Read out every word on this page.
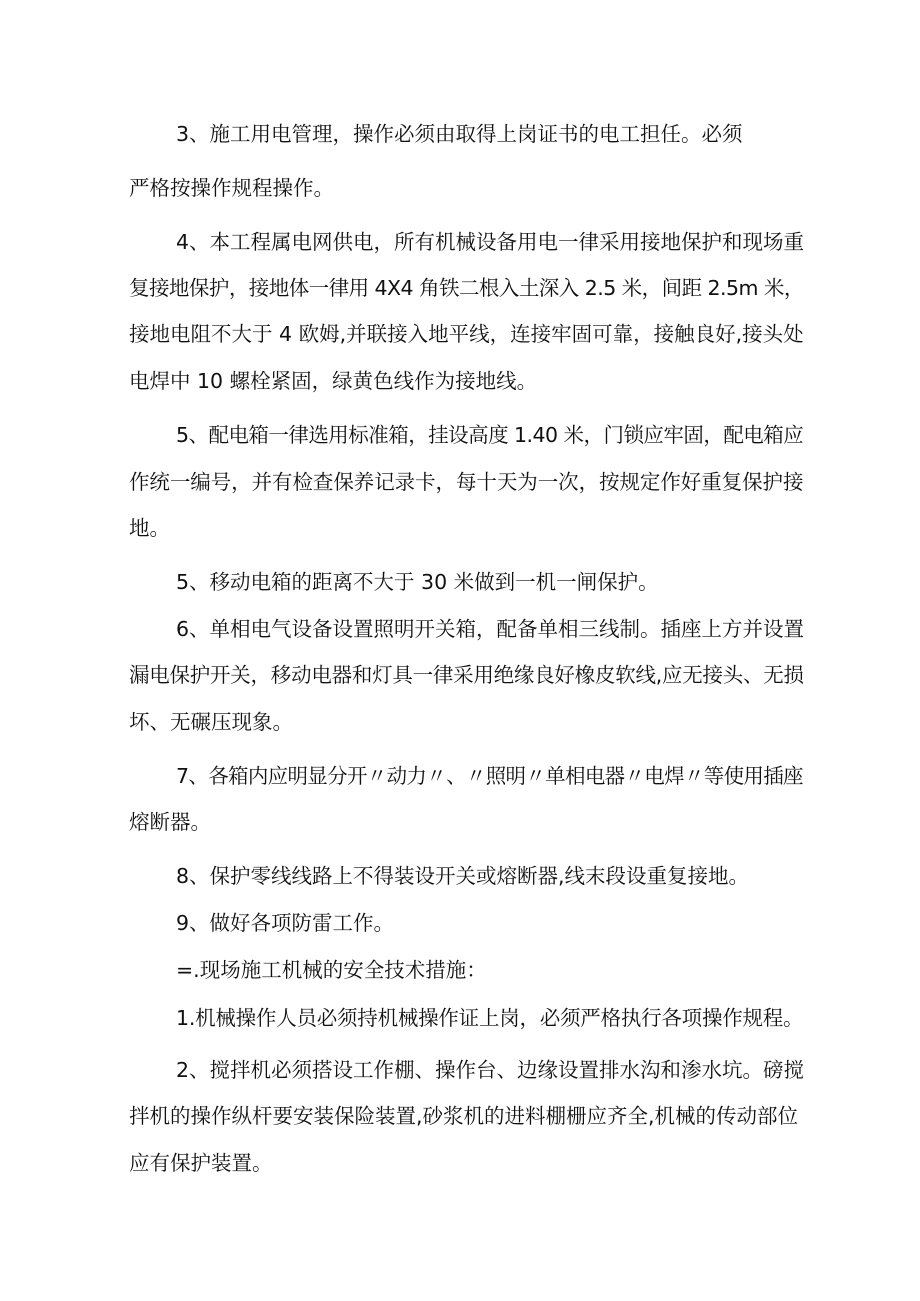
3、施工用电管理，操作必须由取得上岗证书的电工担任。必须

严格按操作规程操作。

4、本工程属电网供电，所有机械设备用电一律采用接地保护和现场重

复接地保护，接地体一律用 4X4 角铁二根入土深入 2.5 米，间距 2.5m 米，

接地电阻不大于 4 欧姆,并联接入地平线，连接牢固可靠，接触良好,接头处

电焊中 10 螺栓紧固，绿黄色线作为接地线。

5、配电箱一律选用标准箱，挂设高度 1.40 米，门锁应牢固，配电箱应

作统一编号，并有检查保养记录卡，每十天为一次，按规定作好重复保护接

地。

5、移动电箱的距离不大于 30 米做到一机一闸保护。

6、单相电气设备设置照明开关箱，配备单相三线制。插座上方并设置

漏电保护开关，移动电器和灯具一律采用绝缘良好橡皮软线,应无接头、无损

坏、无碾压现象。

7、各箱内应明显分开〃动力〃、〃照明〃单相电器〃电焊〃等使用插座

熔断器。

8、保护零线线路上不得装设开关或熔断器,线末段设重复接地。

9、做好各项防雷工作。

=.现场施工机械的安全技术措施：

1.机械操作人员必须持机械操作证上岗，必须严格执行各项操作规程。

2、搅拌机必须搭设工作棚、操作台、边缘设置排水沟和渗水坑。磅搅

拌机的操作纵杆要安装保险装置,砂浆机的进料棚栅应齐全,机械的传动部位

应有保护装置。
